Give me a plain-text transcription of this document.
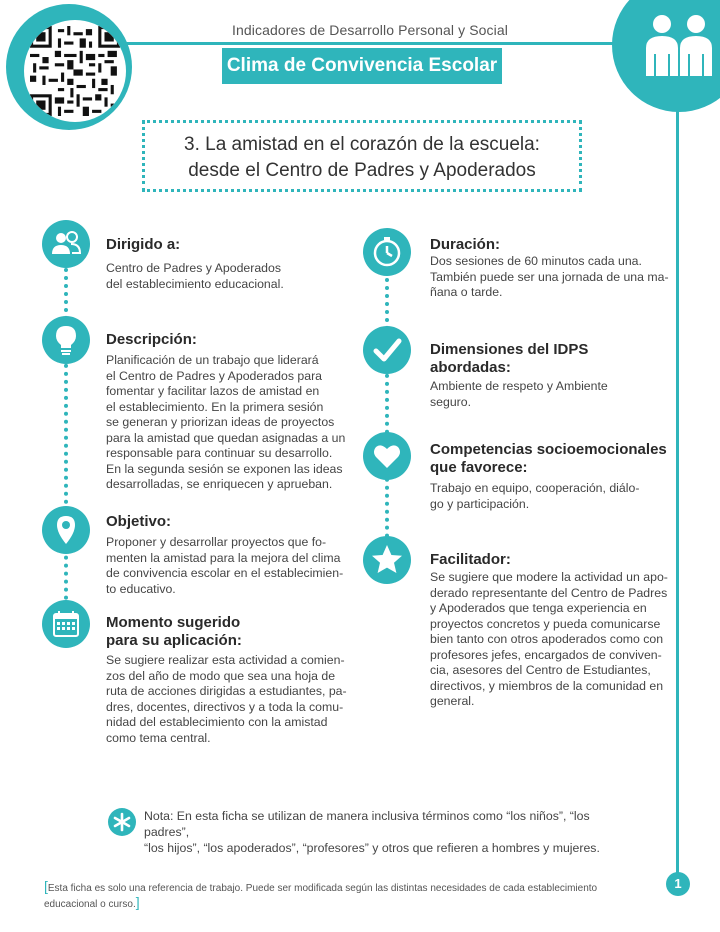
Indicadores de Desarrollo Personal y Social
Clima de Convivencia Escolar
3. La amistad en el corazón de la escuela:
desde el Centro de Padres y Apoderados
Dirigido a:
Centro de Padres y Apoderados
del establecimiento educacional.
Descripción:
Planificación de un trabajo que liderará
el Centro de Padres y Apoderados para
fomentar y facilitar lazos de amistad en
el establecimiento. En la primera sesión
se generan y priorizan ideas de proyectos
para la amistad que quedan asignadas a un
responsable para continuar su desarrollo.
En la segunda sesión se exponen las ideas
desarrolladas, se enriquecen y aprueban.
Objetivo:
Proponer y desarrollar proyectos que fo-
menten la amistad para la mejora del clima
de convivencia escolar en el establecimien-
to educativo.
Momento sugerido
para su aplicación:
Se sugiere realizar esta actividad a comien-
zos del año de modo que sea una hoja de
ruta de acciones dirigidas a estudiantes, pa-
dres, docentes, directivos y a toda la comu-
nidad del establecimiento con la amistad
como tema central.
Duración:
Dos sesiones de 60 minutos cada una.
También puede ser una jornada de una ma-
ñana o tarde.
Dimensiones del IDPS
abordadas:
Ambiente de respeto y Ambiente
seguro.
Competencias socioemocionales
que favorece:
Trabajo en equipo, cooperación, diálo-
go y participación.
Facilitador:
Se sugiere que modere la actividad un apo-
derado representante del Centro de Padres
y Apoderados que tenga experiencia en
proyectos concretos y pueda comunicarse
bien tanto con otros apoderados como con
profesores jefes, encargados de conviven-
cia, asesores del Centro de Estudiantes,
directivos, y miembros de la comunidad en
general.
Nota: En esta ficha se utilizan de manera inclusiva términos como “los niños”, “los padres”,
“los hijos”, “los apoderados”, “profesores” y otros que refieren a hombres y mujeres.
[Esta ficha es solo una referencia de trabajo. Puede ser modificada según las distintas necesidades de cada establecimiento educacional o curso.]
1
